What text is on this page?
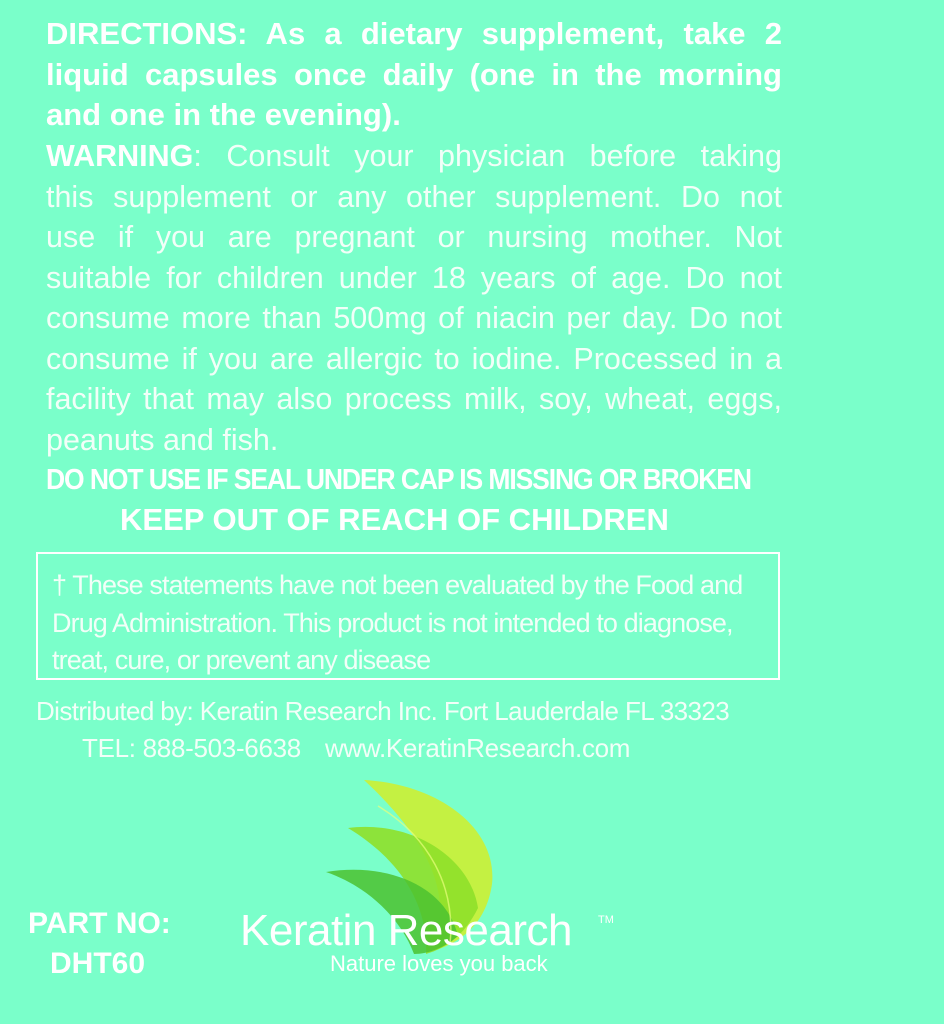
DIRECTIONS: As a dietary supplement, take 2
liquid capsules once daily (one in the morning
and one in the evening).
WARNING: Consult your physician before taking
this supplement or any other supplement. Do not
use if you are pregnant or nursing mother. Not
suitable for children under 18 years of age. Do not
consume more than 500mg of niacin per day. Do not
consume if you are allergic to iodine. Processed in a
facility that may also process milk, soy, wheat, eggs,
peanuts and fish.
DO NOT USE IF SEAL UNDER CAP IS MISSING OR BROKEN
KEEP OUT OF REACH OF CHILDREN
† These statements have not been evaluated by the Food and
Drug Administration. This product is not intended to diagnose,
treat, cure, or prevent any disease
Distributed by: Keratin Research Inc. Fort Lauderdale FL 33323
TEL: 888-503-6638 www.KeratinResearch.com
Keratin Research TM
Nature loves you back
PART NO:
DHT60
